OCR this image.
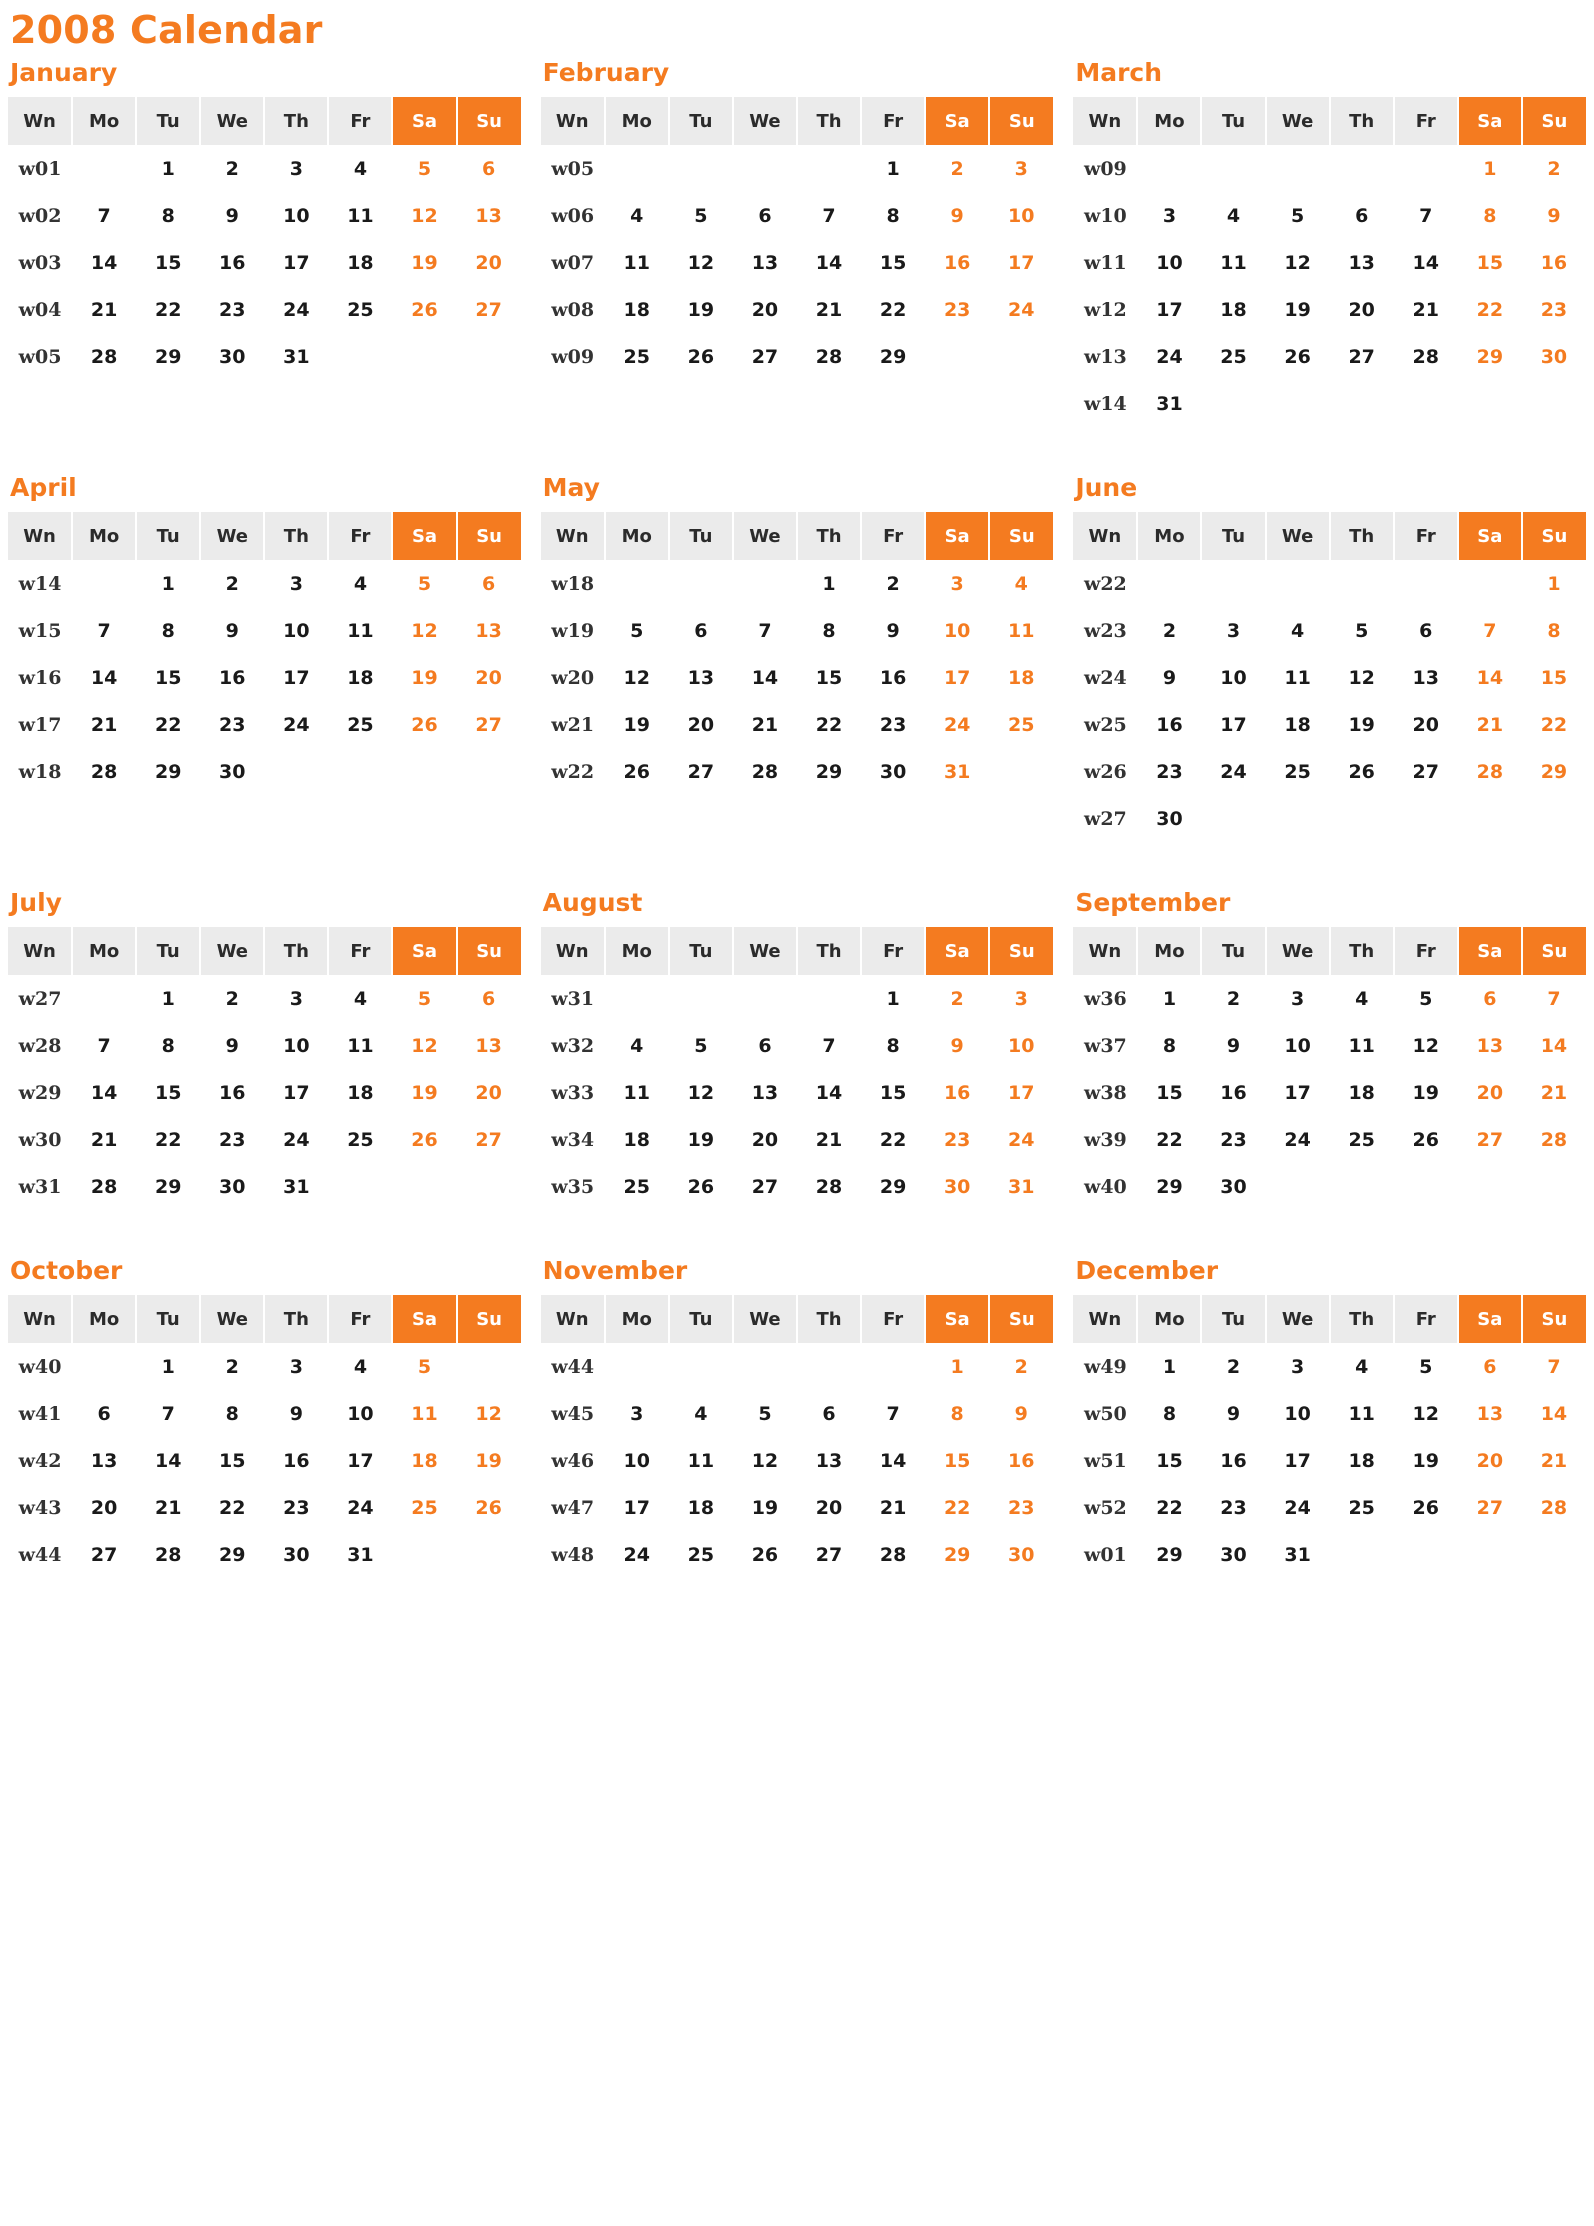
2008 Calendar
January
Wn	Mo	Tu	We	Th	Fr	Sa	Su
w01		1	2	3	4	5	6
w02	7	8	9	10	11	12	13
w03	14	15	16	17	18	19	20
w04	21	22	23	24	25	26	27
w05	28	29	30	31			
February
Wn	Mo	Tu	We	Th	Fr	Sa	Su
w05					1	2	3
w06	4	5	6	7	8	9	10
w07	11	12	13	14	15	16	17
w08	18	19	20	21	22	23	24
w09	25	26	27	28	29		
March
Wn	Mo	Tu	We	Th	Fr	Sa	Su
w09						1	2
w10	3	4	5	6	7	8	9
w11	10	11	12	13	14	15	16
w12	17	18	19	20	21	22	23
w13	24	25	26	27	28	29	30
w14	31						
April
Wn	Mo	Tu	We	Th	Fr	Sa	Su
w14		1	2	3	4	5	6
w15	7	8	9	10	11	12	13
w16	14	15	16	17	18	19	20
w17	21	22	23	24	25	26	27
w18	28	29	30				
May
Wn	Mo	Tu	We	Th	Fr	Sa	Su
w18				1	2	3	4
w19	5	6	7	8	9	10	11
w20	12	13	14	15	16	17	18
w21	19	20	21	22	23	24	25
w22	26	27	28	29	30	31	
June
Wn	Mo	Tu	We	Th	Fr	Sa	Su
w22							1
w23	2	3	4	5	6	7	8
w24	9	10	11	12	13	14	15
w25	16	17	18	19	20	21	22
w26	23	24	25	26	27	28	29
w27	30						
July
Wn	Mo	Tu	We	Th	Fr	Sa	Su
w27		1	2	3	4	5	6
w28	7	8	9	10	11	12	13
w29	14	15	16	17	18	19	20
w30	21	22	23	24	25	26	27
w31	28	29	30	31			
August
Wn	Mo	Tu	We	Th	Fr	Sa	Su
w31					1	2	3
w32	4	5	6	7	8	9	10
w33	11	12	13	14	15	16	17
w34	18	19	20	21	22	23	24
w35	25	26	27	28	29	30	31
September
Wn	Mo	Tu	We	Th	Fr	Sa	Su
w36	1	2	3	4	5	6	7
w37	8	9	10	11	12	13	14
w38	15	16	17	18	19	20	21
w39	22	23	24	25	26	27	28
w40	29	30					
October
Wn	Mo	Tu	We	Th	Fr	Sa	Su
w40		1	2	3	4	5	
w41	6	7	8	9	10	11	12
w42	13	14	15	16	17	18	19
w43	20	21	22	23	24	25	26
w44	27	28	29	30	31		
November
Wn	Mo	Tu	We	Th	Fr	Sa	Su
w44						1	2
w45	3	4	5	6	7	8	9
w46	10	11	12	13	14	15	16
w47	17	18	19	20	21	22	23
w48	24	25	26	27	28	29	30
December
Wn	Mo	Tu	We	Th	Fr	Sa	Su
w49	1	2	3	4	5	6	7
w50	8	9	10	11	12	13	14
w51	15	16	17	18	19	20	21
w52	22	23	24	25	26	27	28
w01	29	30	31				
